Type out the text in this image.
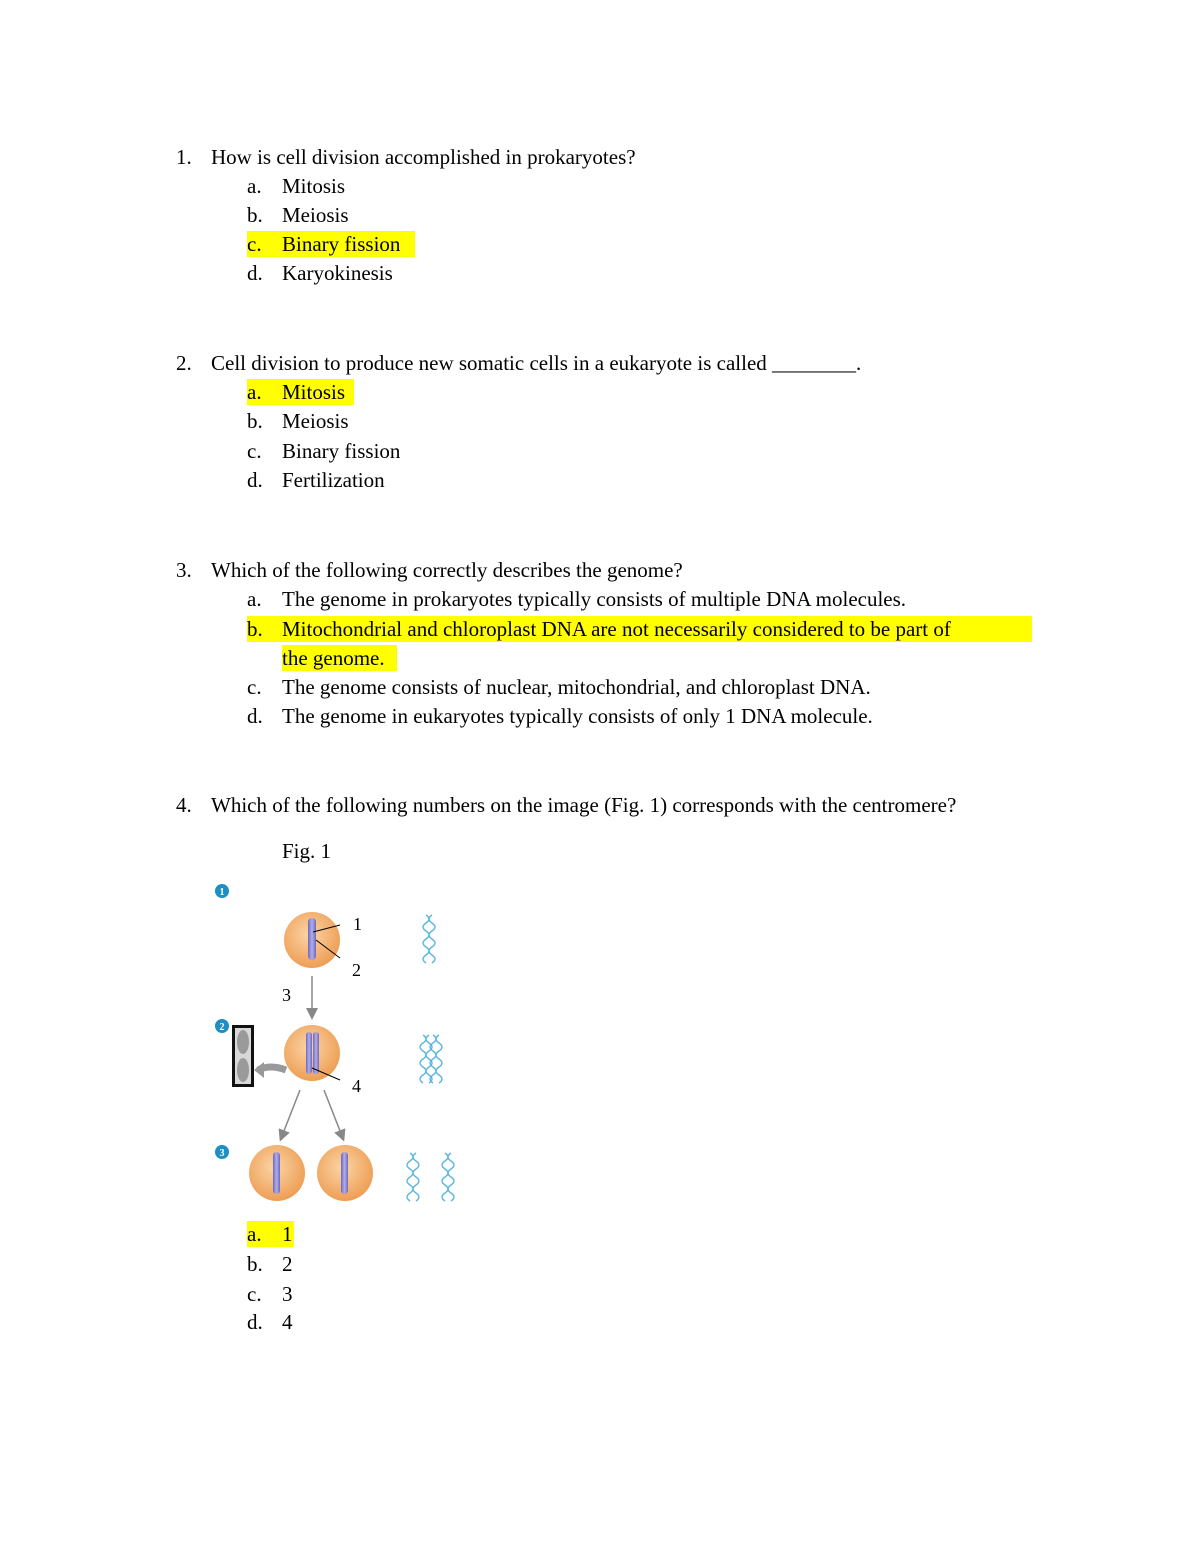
1. How is cell division accomplished in prokaryotes?
a. Mitosis
b. Meiosis
c. Binary fission

d. Karyokinesis
2. Cell division to produce new somatic cells in a eukaryote is called ________.
a. Mitosis

b. Meiosis
c. Binary fission
d. Fertilization
3. Which of the following correctly describes the genome?
a. The genome in prokaryotes typically consists of multiple DNA molecules.
b. Mitochondrial and chloroplast DNA are not necessarily considered to be part of
the genome.
c. The genome consists of nuclear, mitochondrial, and chloroplast DNA.
d. The genome in eukaryotes typically consists of only 1 DNA molecule.
4. Which of the following numbers on the image (Fig. 1) corresponds with the centromere?
Fig. 1
1
2
3
1
2
3
4
a. 1

b. 2
c. 3
d. 4
